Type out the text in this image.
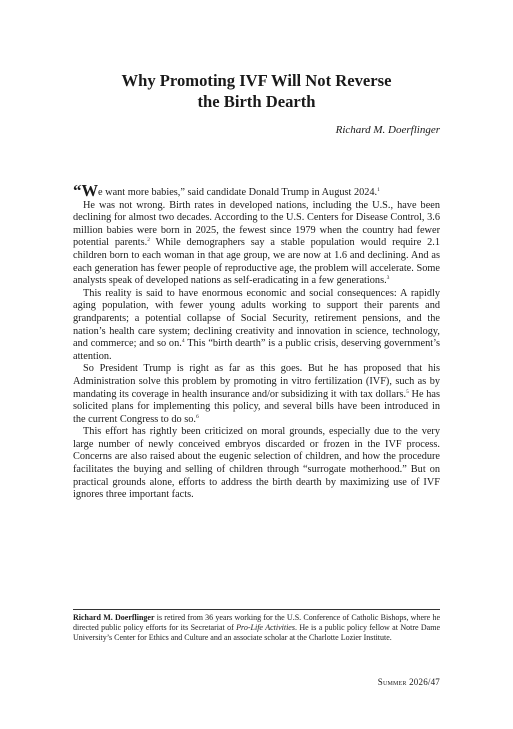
Why Promoting IVF Will Not Reverse
the Birth Dearth
Richard M. Doerflinger

“We want more babies,” said candidate Donald Trump in August 2024.$^1$

He was not wrong. Birth rates in developed nations, including the U.S., have been declining for almost two decades. According to the U.S. Centers for Disease Control, 3.6 million babies were born in 2025, the fewest since 1979 when the country had fewer potential parents.$^2$ While demographers say a stable population would require 2.1 children born to each woman in that age group, we are now at 1.6 and declining. And as each generation has fewer people of reproductive age, the problem will accelerate. Some analysts speak of developed nations as self-eradicating in a few generations.$^3$

This reality is said to have enormous economic and social consequences: A rapidly aging population, with fewer young adults working to support their parents and grandparents; a potential collapse of Social Security, retirement pensions, and the nation’s health care system; declining creativity and innovation in science, technology, and commerce; and so on.$^4$ This “birth dearth” is a public crisis, deserving government’s attention.

So President Trump is right as far as this goes. But he has proposed that his Administration solve this problem by promoting in vitro fertilization (IVF), such as by mandating its coverage in health insurance and/or subsidizing it with tax dollars.$^5$ He has solicited plans for implementing this policy, and several bills have been introduced in the current Congress to do so.$^6$

This effort has rightly been criticized on moral grounds, especially due to the very large number of newly conceived embryos discarded or frozen in the IVF process. Concerns are also raised about the eugenic selection of children, and how the procedure facilitates the buying and selling of children through “surrogate motherhood.” But on practical grounds alone, efforts to address the birth dearth by maximizing use of IVF ignores three important facts.

Richard M. Doerflinger is retired from 36 years working for the U.S. Conference of Catholic Bishops, where he directed public policy efforts for its Secretariat of Pro-Life Activities. He is a public policy fellow at Notre Dame University’s Center for Ethics and Culture and an associate scholar at the Charlotte Lozier Institute.
Summer 2026/47
